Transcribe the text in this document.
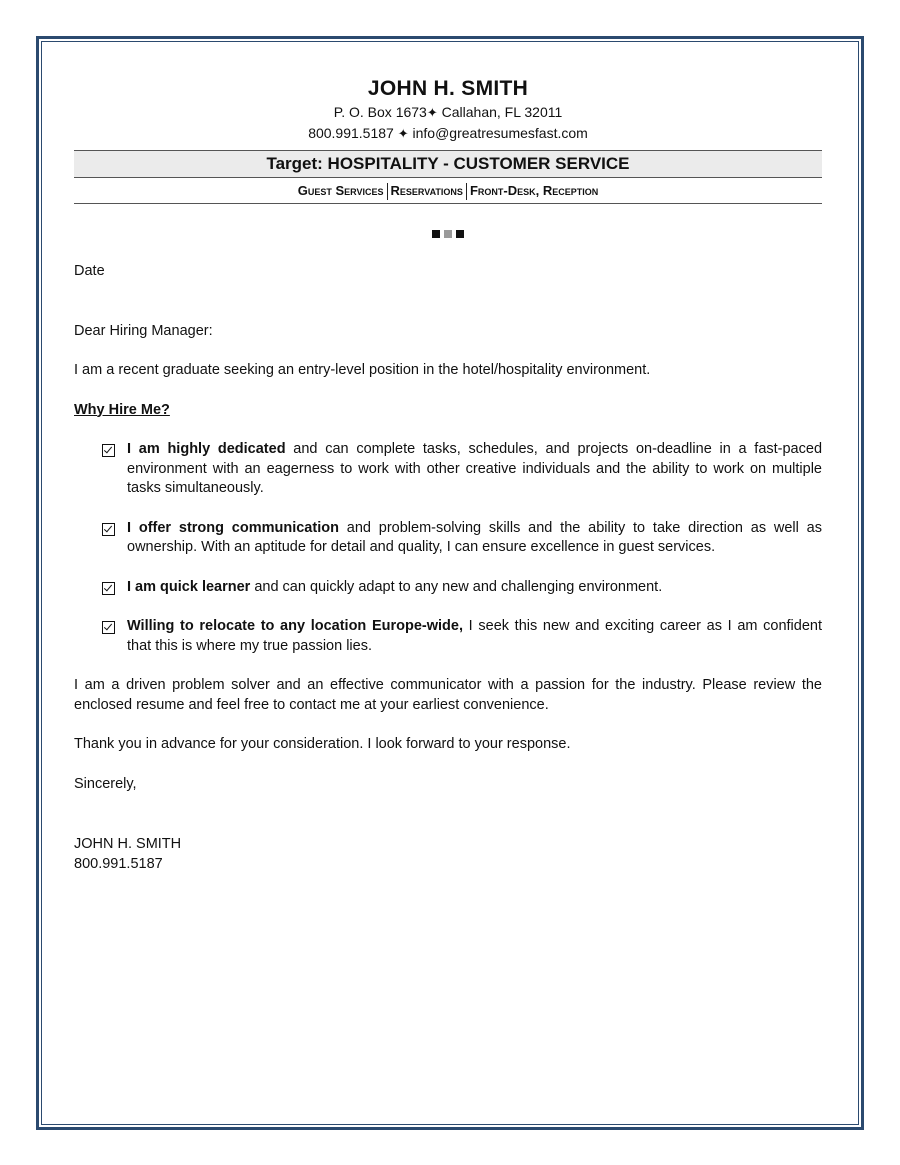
JOHN H. SMITH
P. O. Box 1673✦ Callahan, FL 32011
800.991.5187 ✦ info@greatresumesfast.com
Target: HOSPITALITY - CUSTOMER SERVICE
Guest Services Reservations Front-Desk, Reception
Date
Dear Hiring Manager:
I am a recent graduate seeking an entry-level position in the hotel/hospitality environment.
Why Hire Me?
I am highly dedicated and can complete tasks, schedules, and projects on-deadline in a fast-paced environment with an eagerness to work with other creative individuals and the ability to work on multiple tasks simultaneously.
I offer strong communication and problem-solving skills and the ability to take direction as well as ownership. With an aptitude for detail and quality, I can ensure excellence in guest services.
I am quick learner and can quickly adapt to any new and challenging environment.
Willing to relocate to any location Europe-wide, I seek this new and exciting career as I am confident that this is where my true passion lies.
I am a driven problem solver and an effective communicator with a passion for the industry. Please review the enclosed resume and feel free to contact me at your earliest convenience.
Thank you in advance for your consideration. I look forward to your response.
Sincerely,
JOHN H. SMITH
800.991.5187
